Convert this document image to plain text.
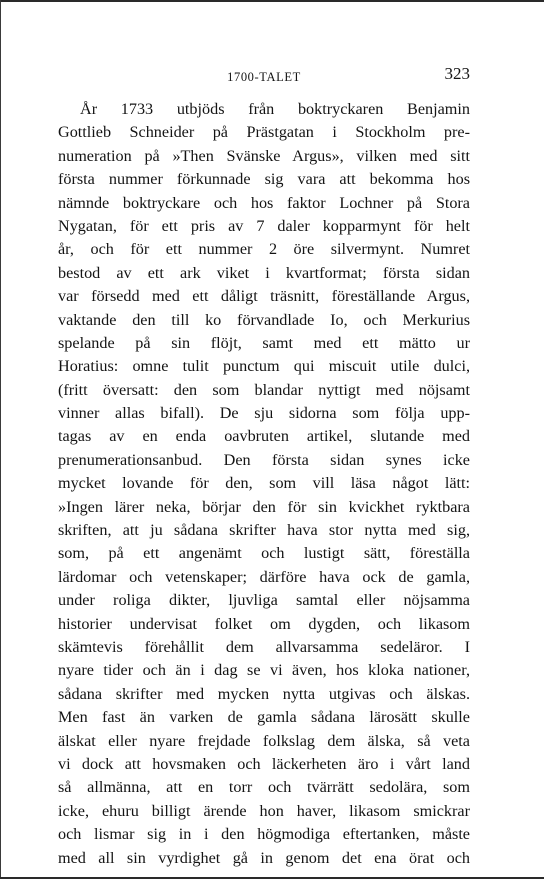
1700-TALET	323
År 1733 utbjöds från boktryckaren Benjamin
Gottlieb Schneider på Prästgatan i Stockholm pre-
numeration på »Then Svänske Argus», vilken med sitt
första nummer förkunnade sig vara att bekomma hos
nämnde boktryckare och hos faktor Lochner på Stora
Nygatan, för ett pris av 7 daler kopparmynt för helt
år, och för ett nummer 2 öre silvermynt. Numret
bestod av ett ark viket i kvartformat; första sidan
var försedd med ett dåligt träsnitt, föreställande Argus,
vaktande den till ko förvandlade Io, och Merkurius
spelande på sin flöjt, samt med ett mätto ur
Horatius: omne tulit punctum qui miscuit utile dulci,
(fritt översatt: den som blandar nyttigt med nöjsamt
vinner allas bifall). De sju sidorna som följa upp-
tagas av en enda oavbruten artikel, slutande med
prenumerationsanbud. Den första sidan synes icke
mycket lovande för den, som vill läsa något lätt:
»Ingen lärer neka, börjar den för sin kvickhet ryktbara
skriften, att ju sådana skrifter hava stor nytta med sig,
som, på ett angenämt och lustigt sätt, föreställa
lärdomar och vetenskaper; därföre hava ock de gamla,
under roliga dikter, ljuvliga samtal eller nöjsamma
historier undervisat folket om dygden, och likasom
skämtevis förehållit dem allvarsamma sedeläror. I
nyare tider och än i dag se vi även, hos kloka nationer,
sådana skrifter med mycken nytta utgivas och älskas.
Men fast än varken de gamla sådana lärosätt skulle
älskat eller nyare frejdade folkslag dem älska, så veta
vi dock att hovsmaken och läckerheten äro i vårt land
så allmänna, att en torr och tvärrätt sedolära, som
icke, ehuru billigt ärende hon haver, likasom smickrar
och lismar sig in i den högmodiga eftertanken, måste
med all sin vyrdighet gå in genom det ena örat och
